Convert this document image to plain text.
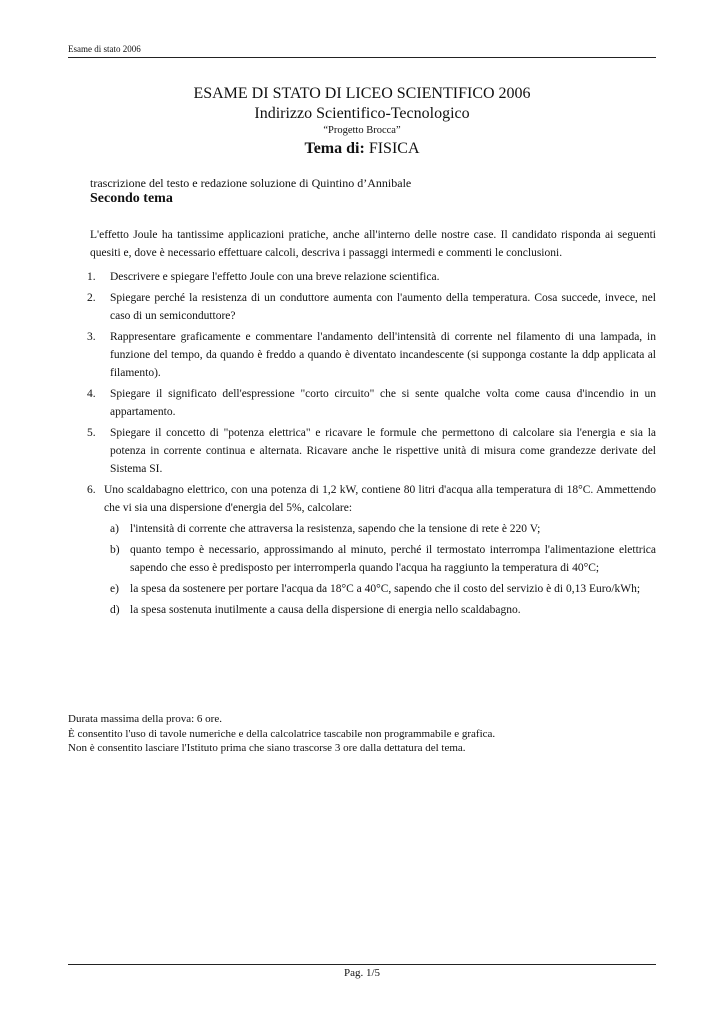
Esame di stato 2006
ESAME DI STATO DI LICEO SCIENTIFICO 2006
Indirizzo Scientifico-Tecnologico
“Progetto Brocca”
Tema di: FISICA
trascrizione del testo e redazione soluzione di Quintino d’Annibale
Secondo tema

L'effetto Joule ha tantissime applicazioni pratiche, anche all'interno delle nostre case. Il candidato risponda ai seguenti quesiti e, dove è necessario effettuare calcoli, descriva i passaggi intermedi e commenti le conclusioni.

1. Descrivere e spiegare l'effetto Joule con una breve relazione scientifica.
2. Spiegare perché la resistenza di un conduttore aumenta con l'aumento della temperatura. Cosa succede, invece, nel caso di un semiconduttore?
3. Rappresentare graficamente e commentare l'andamento dell'intensità di corrente nel filamento di una lampada, in funzione del tempo, da quando è freddo a quando è diventato incandescente (si supponga costante la ddp applicata al filamento).
4. Spiegare il significato dell'espressione "corto circuito" che si sente qualche volta come causa d'incendio in un appartamento.
5. Spiegare il concetto di "potenza elettrica" e ricavare le formule che permettono di calcolare sia l'energia e sia la potenza in corrente continua e alternata. Ricavare anche le rispettive unità di misura come grandezze derivate del Sistema SI.
6. Uno scaldabagno elettrico, con una potenza di 1,2 kW, contiene 80 litri d'acqua alla temperatura di 18°C. Ammettendo che vi sia una dispersione d'energia del 5%, calcolare:
a) l'intensità di corrente che attraversa la resistenza, sapendo che la tensione di rete è 220 V;
b) quanto tempo è necessario, approssimando al minuto, perché il termostato interrompa l'alimentazione elettrica sapendo che esso è predisposto per interromperla quando l'acqua ha raggiunto la temperatura di 40°C;
e) la spesa da sostenere per portare l'acqua da 18°C a 40°C, sapendo che il costo del servizio è di 0,13 Euro/kWh;
d) la spesa sostenuta inutilmente a causa della dispersione di energia nello scaldabagno.
Durata massima della prova: 6 ore.
È consentito l'uso di tavole numeriche e della calcolatrice tascabile non programmabile e grafica.
Non è consentito lasciare l'Istituto prima che siano trascorse 3 ore dalla dettatura del tema.
Pag. 1/5
